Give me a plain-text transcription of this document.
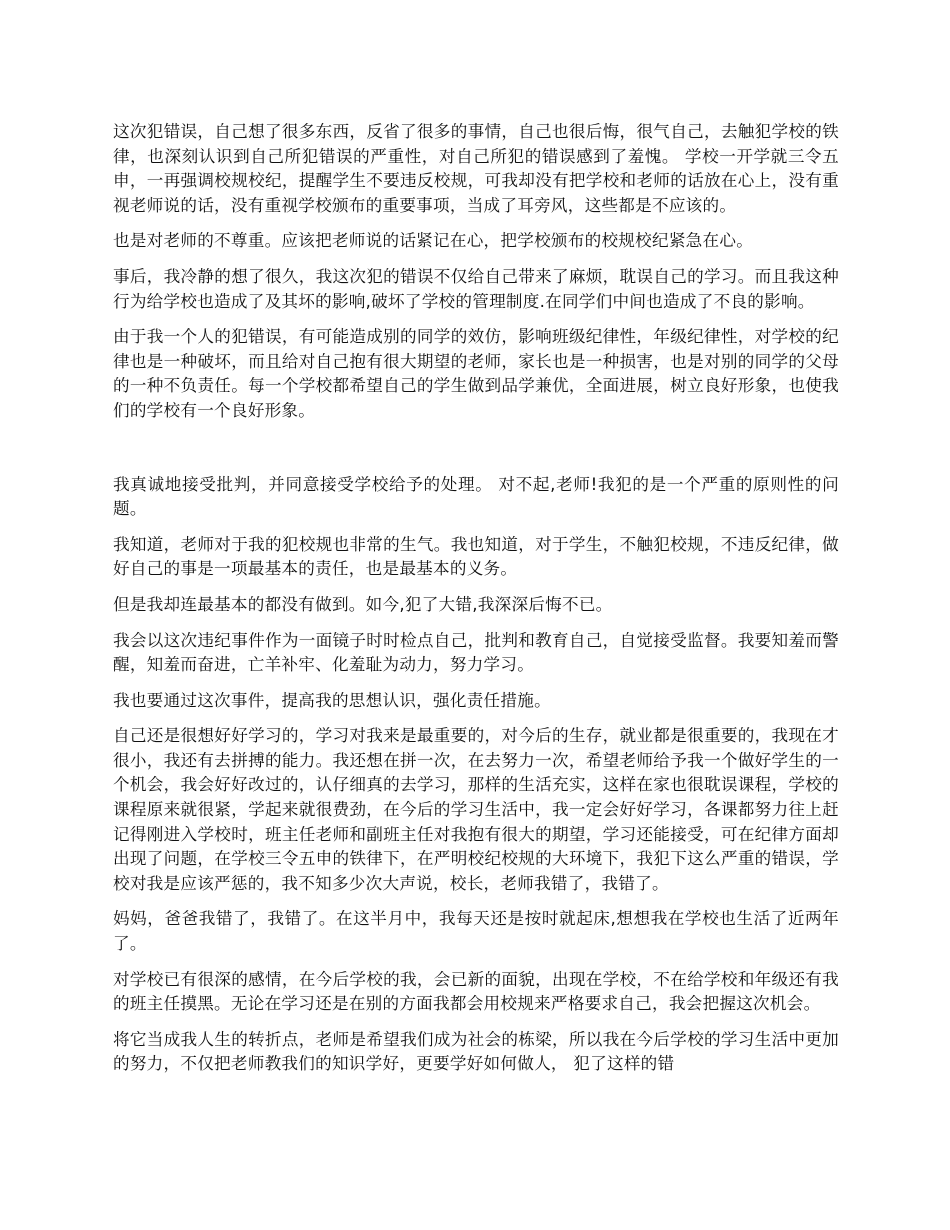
这次犯错误，自己想了很多东西，反省了很多的事情，自己也很后悔，很气自己，去触犯学校的铁律，也深刻认识到自己所犯错误的严重性，对自己所犯的错误感到了羞愧。 学校一开学就三令五申，一再强调校规校纪，提醒学生不要违反校规，可我却没有把学校和老师的话放在心上，没有重视老师说的话，没有重视学校颁布的重要事项，当成了耳旁风，这些都是不应该的。

也是对老师的不尊重。应该把老师说的话紧记在心，把学校颁布的校规校纪紧急在心。

事后，我冷静的想了很久，我这次犯的错误不仅给自己带来了麻烦，耽误自己的学习。而且我这种行为给学校也造成了及其坏的影响,破坏了学校的管理制度.在同学们中间也造成了不良的影响。

由于我一个人的犯错误，有可能造成别的同学的效仿，影响班级纪律性，年级纪律性，对学校的纪律也是一种破坏，而且给对自己抱有很大期望的老师，家长也是一种损害，也是对别的同学的父母的一种不负责任。每一个学校都希望自己的学生做到品学兼优，全面进展，树立良好形象，也使我们的学校有一个良好形象。

我真诚地接受批判，并同意接受学校给予的处理。 对不起,老师!我犯的是一个严重的原则性的问题。

我知道，老师对于我的犯校规也非常的生气。我也知道，对于学生，不触犯校规，不违反纪律，做好自己的事是一项最基本的责任，也是最基本的义务。

但是我却连最基本的都没有做到。如今,犯了大错,我深深后悔不已。

我会以这次违纪事件作为一面镜子时时检点自己，批判和教育自己，自觉接受监督。我要知羞而警醒，知羞而奋进，亡羊补牢、化羞耻为动力，努力学习。

我也要通过这次事件，提高我的思想认识，强化责任措施。

自己还是很想好好学习的，学习对我来是最重要的，对今后的生存，就业都是很重要的，我现在才很小，我还有去拼搏的能力。我还想在拼一次，在去努力一次，希望老师给予我一个做好学生的一个机会，我会好好改过的，认仔细真的去学习，那样的生活充实，这样在家也很耽误课程，学校的课程原来就很紧，学起来就很费劲，在今后的学习生活中，我一定会好好学习，各课都努力往上赶 记得刚进入学校时，班主任老师和副班主任对我抱有很大的期望，学习还能接受，可在纪律方面却出现了问题，在学校三令五申的铁律下，在严明校纪校规的大环境下，我犯下这么严重的错误，学校对我是应该严惩的，我不知多少次大声说，校长，老师我错了，我错了。

妈妈，爸爸我错了，我错了。在这半月中，我每天还是按时就起床,想想我在学校也生活了近两年了。

对学校已有很深的感情，在今后学校的我，会已新的面貌，出现在学校，不在给学校和年级还有我的班主任摸黑。无论在学习还是在别的方面我都会用校规来严格要求自己，我会把握这次机会。

将它当成我人生的转折点，老师是希望我们成为社会的栋梁，所以我在今后学校的学习生活中更加的努力，不仅把老师教我们的知识学好，更要学好如何做人， 犯了这样的错
